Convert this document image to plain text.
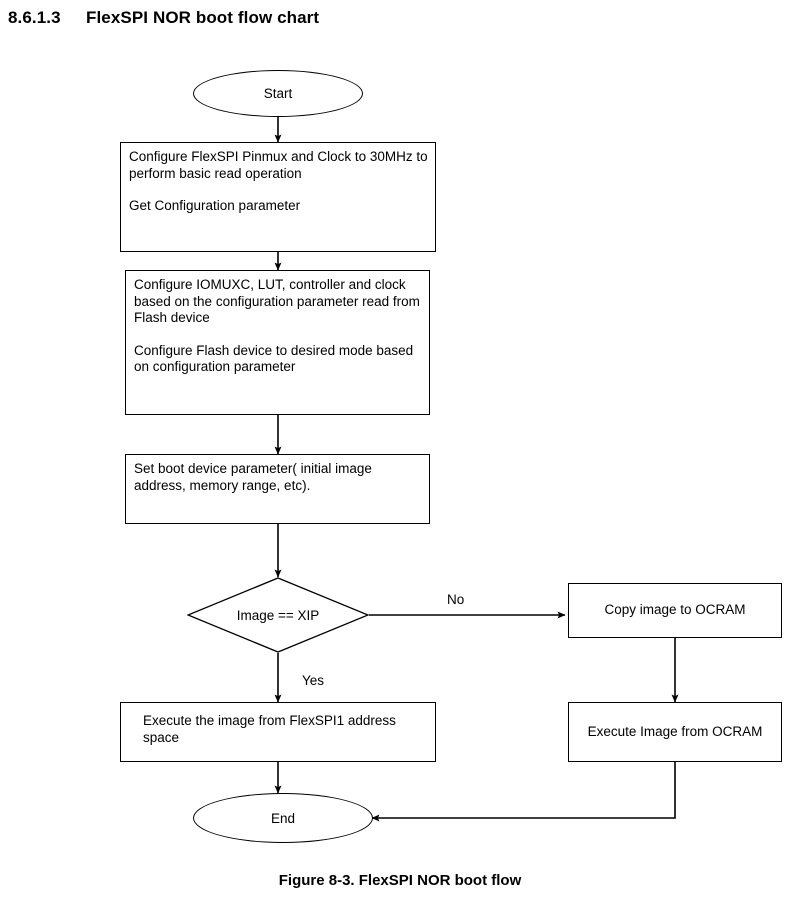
8.6.1.3 FlexSPI NOR boot flow chart
Start

Configure FlexSPI Pinmux and Clock to 30MHz to perform basic read operation

Get Configuration parameter

Configure IOMUXC, LUT, controller and clock based on the configuration parameter read from Flash device

Configure Flash device to desired mode based on configuration parameter

Set boot device parameter( initial image address, memory range, etc).

Image == XIP
No
Yes
Copy image to OCRAM

Execute the image from FlexSPI1 address space	Execute Image from OCRAM
End
Figure 8-3. FlexSPI NOR boot flow
